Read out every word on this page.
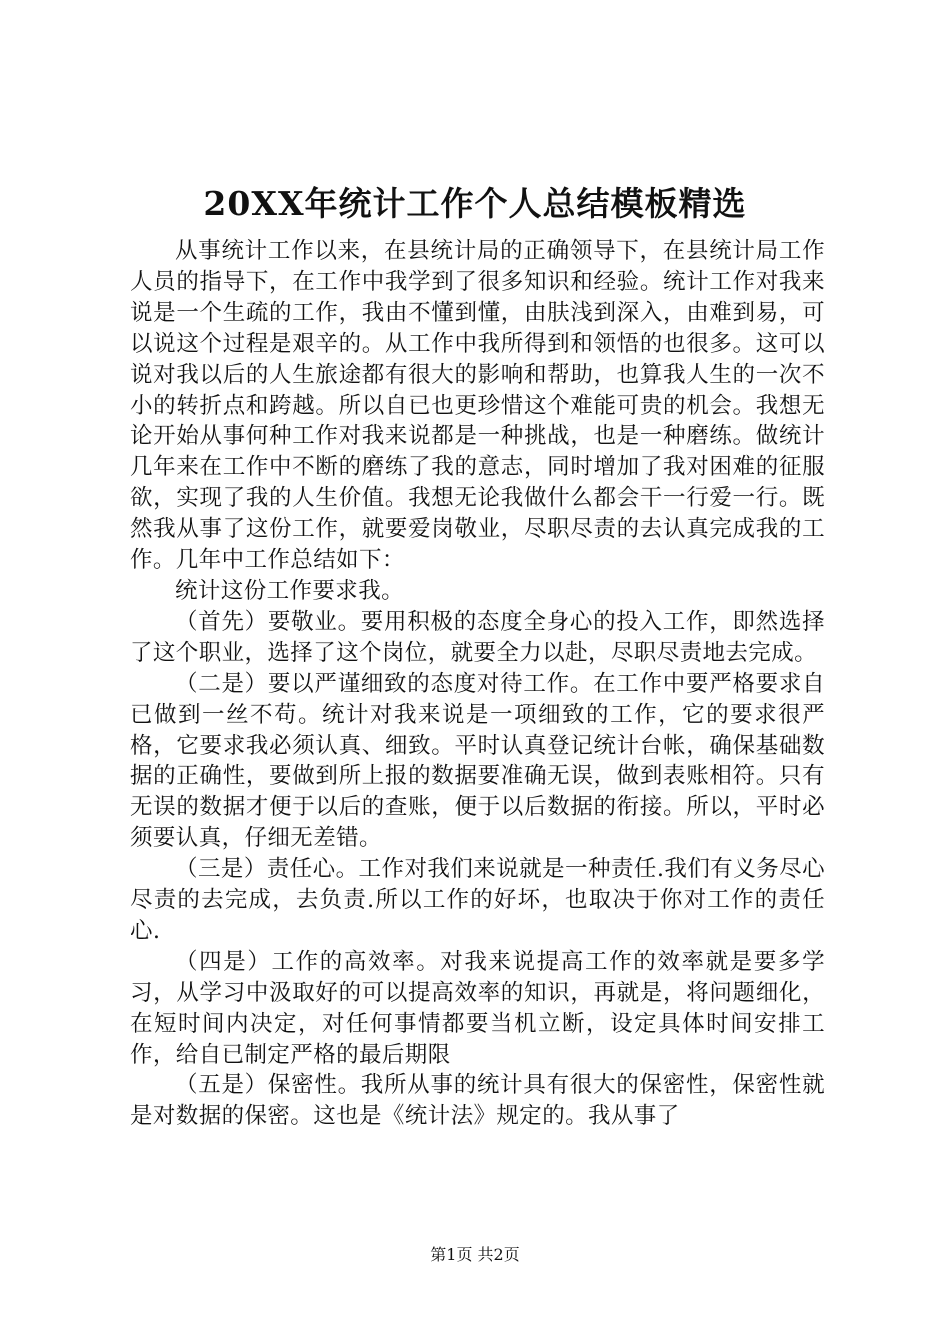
20XX年统计工作个人总结模板精选

从事统计工作以来，在县统计局的正确领导下，在县统计局工作人员的指导下，在工作中我学到了很多知识和经验。统计工作对我来说是一个生疏的工作，我由不懂到懂，由肤浅到深入，由难到易，可以说这个过程是艰辛的。从工作中我所得到和领悟的也很多。这可以说对我以后的人生旅途都有很大的影响和帮助，也算我人生的一次不小的转折点和跨越。所以自已也更珍惜这个难能可贵的机会。我想无论开始从事何种工作对我来说都是一种挑战，也是一种磨练。做统计几年来在工作中不断的磨练了我的意志，同时增加了我对困难的征服欲，实现了我的人生价值。我想无论我做什么都会干一行爱一行。既然我从事了这份工作，就要爱岗敬业，尽职尽责的去认真完成我的工作。几年中工作总结如下：

统计这份工作要求我。

（首先）要敬业。要用积极的态度全身心的投入工作，即然选择了这个职业，选择了这个岗位，就要全力以赴，尽职尽责地去完成。

（二是）要以严谨细致的态度对待工作。在工作中要严格要求自已做到一丝不苟。统计对我来说是一项细致的工作，它的要求很严格，它要求我必须认真、细致。平时认真登记统计台帐，确保基础数据的正确性，要做到所上报的数据要准确无误，做到表账相符。只有无误的数据才便于以后的查账，便于以后数据的衔接。所以，平时必须要认真，仔细无差错。

（三是）责任心。工作对我们来说就是一种责任.我们有义务尽心尽责的去完成，去负责.所以工作的好坏，也取决于你对工作的责任心.

（四是）工作的高效率。对我来说提高工作的效率就是要多学习，从学习中汲取好的可以提高效率的知识，再就是，将问题细化，在短时间内决定，对任何事情都要当机立断，设定具体时间安排工作，给自已制定严格的最后期限

（五是）保密性。我所从事的统计具有很大的保密性，保密性就是对数据的保密。这也是《统计法》规定的。我从事了

第1页 共2页
